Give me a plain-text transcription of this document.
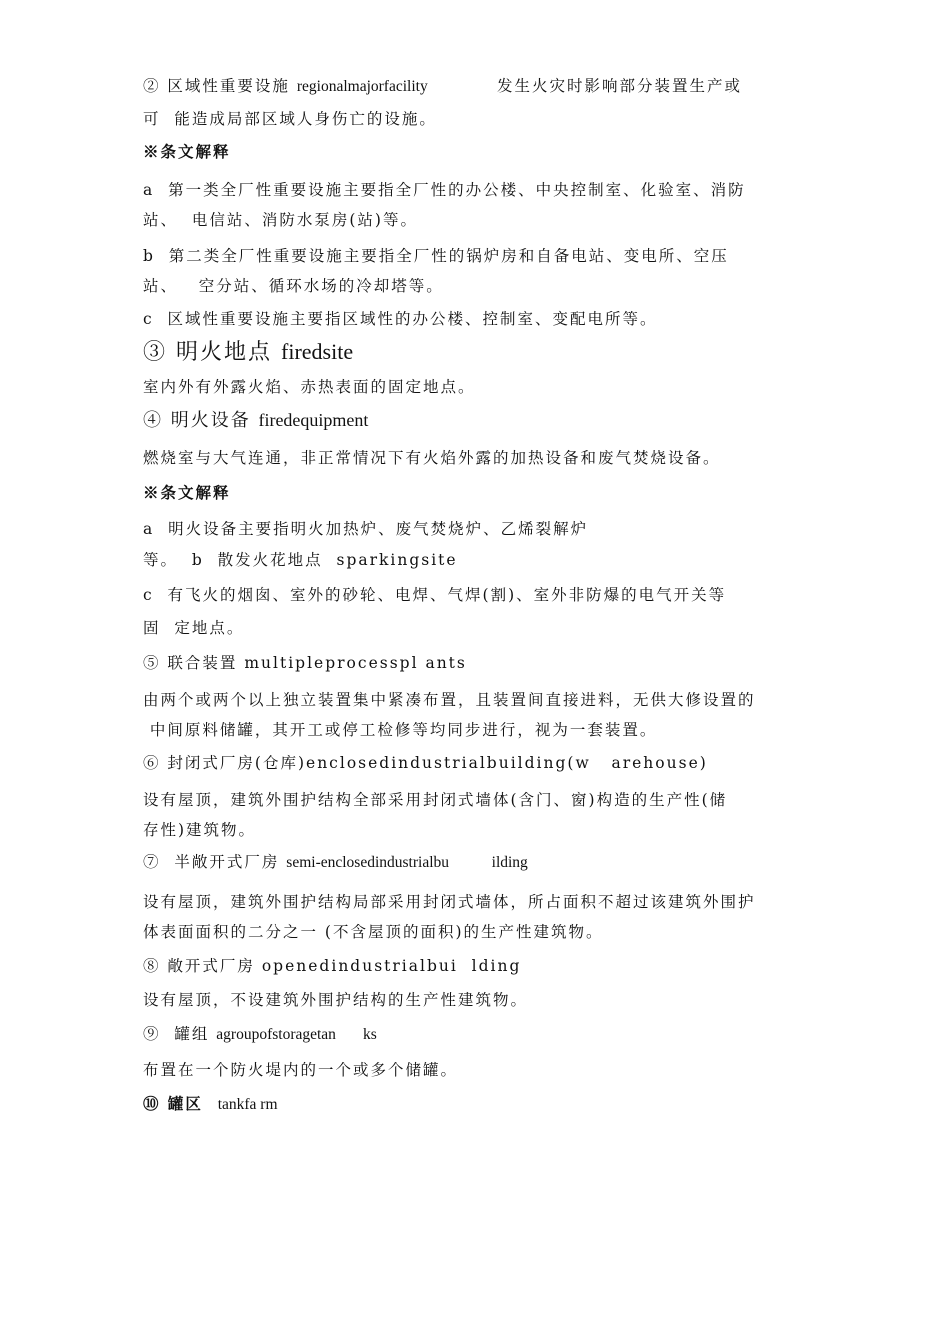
② 区域性重要设施 regionalmajorfacility          发生火灾时影响部分装置生产或
可  能造成局部区域人身伤亡的设施。
※条文解释
a  第一类全厂性重要设施主要指全厂性的办公楼、中央控制室、化验室、消防
站、  电信站、消防水泵房(站)等。
b  第二类全厂性重要设施主要指全厂性的锅炉房和自备电站、变电所、空压
站、   空分站、循环水场的冷却塔等。
c  区域性重要设施主要指区域性的办公楼、控制室、变配电所等。
③ 明火地点 firedsite
室内外有外露火焰、赤热表面的固定地点。
④ 明火设备 firedequipment
燃烧室与大气连通，非正常情况下有火焰外露的加热设备和废气焚烧设备。
※条文解释
a  明火设备主要指明火加热炉、废气焚烧炉、乙烯裂解炉
等。  b  散发火花地点  sparkingsite
c  有飞火的烟囱、室外的砂轮、电焊、气焊(割)、室外非防爆的电气开关等
固  定地点。
⑤ 联合装置 multipleprocesspl ants
由两个或两个以上独立装置集中紧凑布置，且装置间直接进料，无供大修设置的
中间原料储罐，其开工或停工检修等均同步进行，视为一套装置。
⑥ 封闭式厂房(仓库)enclosedindustrialbuilding(w   arehouse)
设有屋顶，建筑外围护结构全部采用封闭式墙体(含门、窗)构造的生产性(储
存性)建筑物。
⑦  半敞开式厂房 semi-enclosedindustrialbu           ilding
设有屋顶，建筑外围护结构局部采用封闭式墙体，所占面积不超过该建筑外围护
体表面面积的二分之一 (不含屋顶的面积)的生产性建筑物。
⑧ 敞开式厂房 openedindustrialbui  lding
设有屋顶，不设建筑外围护结构的生产性建筑物。
⑨  罐组 agroupofstoragetan       ks
布置在一个防火堤内的一个或多个储罐。
⑩ 罐区  tankfa rm
